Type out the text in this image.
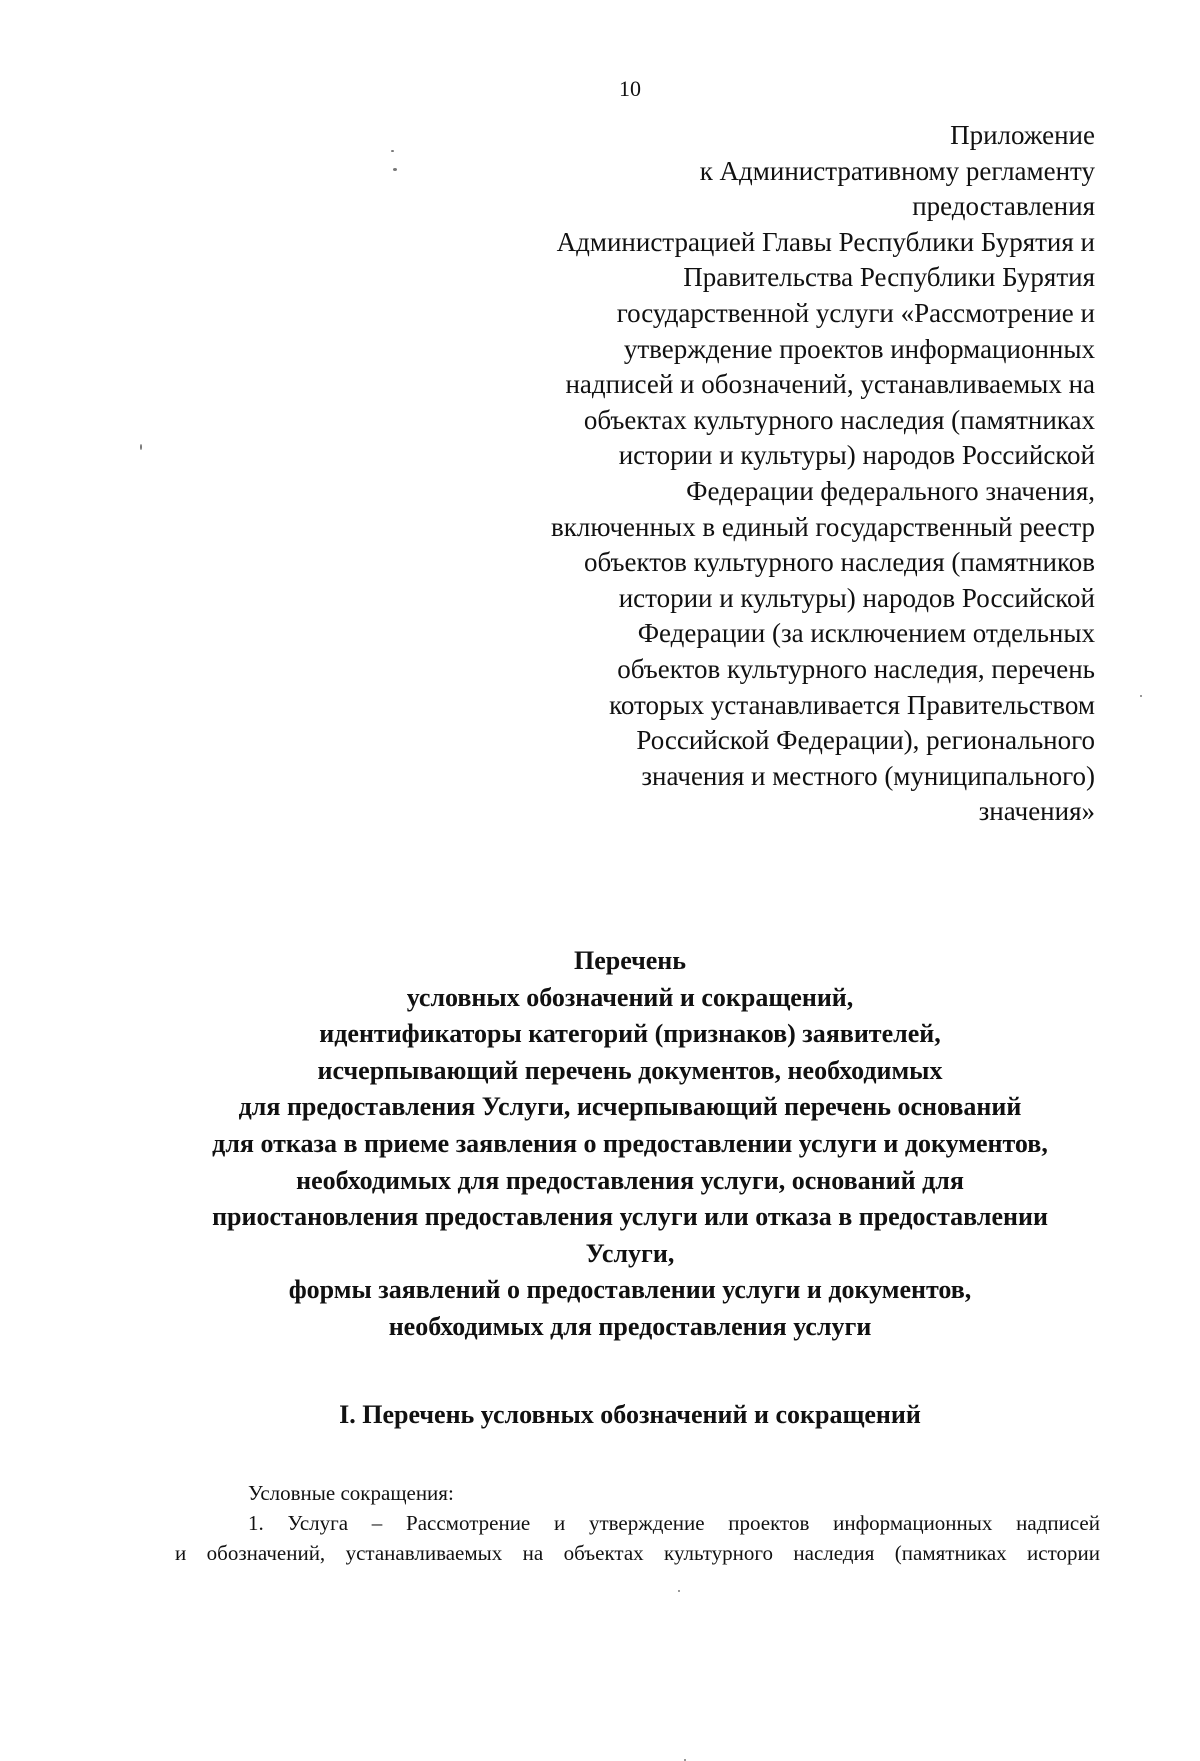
10
Приложение
к Административному регламенту
предоставления
Администрацией Главы Республики Бурятия и
Правительства Республики Бурятия
государственной услуги «Рассмотрение и
утверждение проектов информационных
надписей и обозначений, устанавливаемых на
объектах культурного наследия (памятниках
истории и культуры) народов Российской
Федерации федерального значения,
включенных в единый государственный реестр
объектов культурного наследия (памятников
истории и культуры) народов Российской
Федерации (за исключением отдельных
объектов культурного наследия, перечень
которых устанавливается Правительством
Российской Федерации), регионального
значения и местного (муниципального)
значения»
Перечень
условных обозначений и сокращений,
идентификаторы категорий (признаков) заявителей,
исчерпывающий перечень документов, необходимых
для предоставления Услуги, исчерпывающий перечень оснований
для отказа в приеме заявления о предоставлении услуги и документов,
необходимых для предоставления услуги, оснований для
приостановления предоставления услуги или отказа в предоставлении
Услуги,
формы заявлений о предоставлении услуги и документов,
необходимых для предоставления услуги
I. Перечень условных обозначений и сокращений
Условные сокращения:
1. Услуга – Рассмотрение и утверждение проектов информационных надписей
и обозначений, устанавливаемых на объектах культурного наследия (памятниках истории
